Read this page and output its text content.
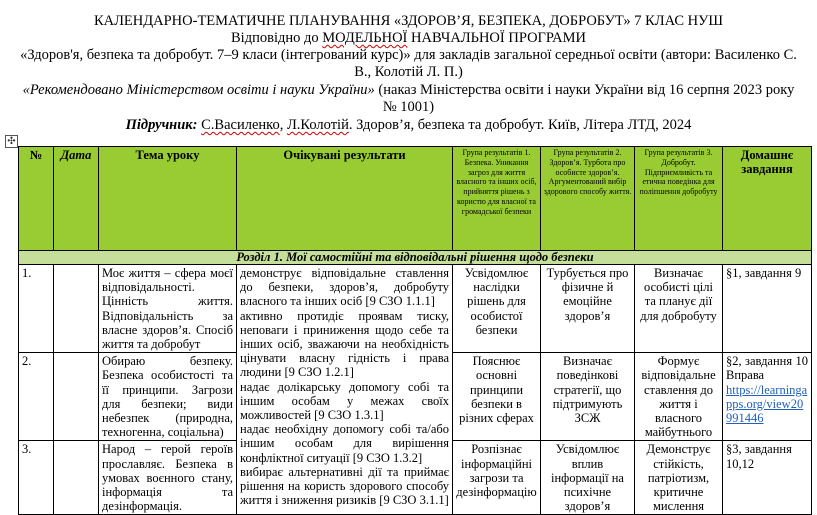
КАЛЕНДАРНО-ТЕМАТИЧНЕ ПЛАНУВАННЯ «ЗДОРОВ’Я, БЕЗПЕКА, ДОБРОБУТ» 7 КЛАС НУШ
Відповідно до МОДЕЛЬНОЇ НАВЧАЛЬНОЇ ПРОГРАМИ
«Здоров'я, безпека та добробут. 7–9 класи (інтегрований курс)» для закладів загальної середньої освіти (автори: Василенко С.
В., Колотій Л. П.)
«Рекомендовано Міністерством освіти і науки України» (наказ Міністерства освіти і науки України від 16 серпня 2023 року
№ 1001)
Підручник: С.Василенко, Л.Колотій. Здоров’я, безпека та добробут. Київ, Літера ЛТД, 2024
✣
№	Дата	Тема уроку	Очікувані результати	Група результатів 1. Безпека. Уникання загроз для життя власного та інших осіб, прийняття рішень з користю для власної та громадської безпеки	Група результатів 2. Здоров’я. Турбота про особисте здоров’я. Аргументований вибір здорового способу життя.	Група результатів 3. Добробут. Підприємливість та етична поведінка для поліпшення добробуту	Домашнє завдання
Розділ 1. Мої самостійні та відповідальні рішення щодо безпеки							
1.		Моє життя – сфера моєї відповідальності. Цінність життя. Відповідальність за власне здоров’я. Спосіб життя та добробут	демонструє відповідальне ставлення до безпеки, здоров’я, добробуту власного та інших осіб [9 СЗО 1.1.1]
активно протидіє проявам тиску, неповаги і приниження щодо себе та інших осіб, зважаючи на необхідність цінувати власну гідність і права людини [9 СЗО 1.2.1]
надає долікарську допомогу собі та іншим особам у межах своїх можливостей [9 СЗО 1.3.1]
надає необхідну допомогу собі та/або іншим особам для вирішення конфліктної ситуації [9 СЗО 1.3.2]
вибирає альтернативні дії та приймає рішення на користь здорового способу життя і зниження ризиків [9 СЗО 3.1.1]	Усвідомлює наслідки рішень для особистої безпеки	Турбується про фізичне й емоційне здоров’я	Визначає особисті цілі та планує дії для добробуту	§1, завдання 9
2.		Обираю безпеку. Безпека особистості та її принципи. Загрози для безпеки; види небезпек (природна, техногенна, соціальна)		Пояснює основні принципи безпеки в різних сферах	Визначає поведінкові стратегії, що підтримують ЗСЖ	Формує відповідальне ставлення до життя і власного майбутнього	§2, завдання 10 Вправа
https://learningapps.org/view20991446
3.		Народ – герой героїв прославляє. Безпека в умовах воєнного стану, інформація та дезінформація.		Розпізнає інформаційні загрози та дезінформацію	Усвідомлює вплив інформації на психічне здоров’я	Демонструє стійкість, патріотизм, критичне мислення	§3, завдання 10,12
